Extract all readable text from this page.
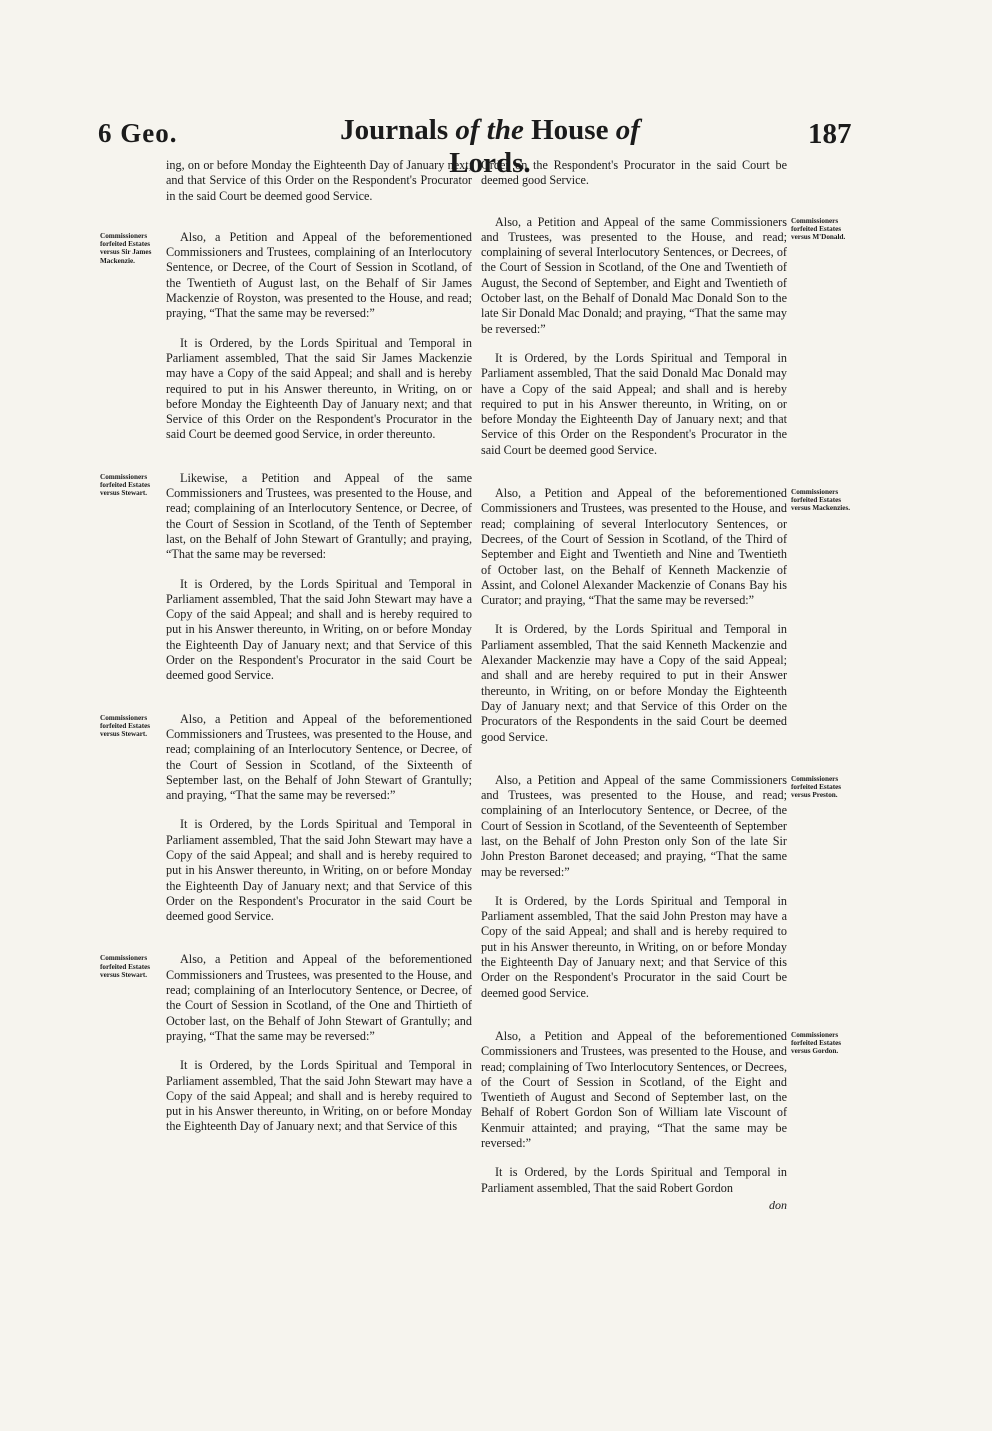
6 Geo.	Journals of the House of Lords.
187

ing, on or before Monday the Eighteenth Day of January next; and that Service of this Order on the Respondent's Procurator in the said Court be deemed good Service.

Commissioners forfeited Estates versus Sir James Mackenzie.

Also, a Petition and Appeal of the beforementioned Commissioners and Trustees, complaining of an Interlocutory Sentence, or Decree, of the Court of Session in Scotland, of the Twentieth of August last, on the Behalf of Sir James Mackenzie of Royston, was presented to the House, and read; praying, “That the same may be reversed:”

It is Ordered, by the Lords Spiritual and Temporal in Parliament assembled, That the said Sir James Mackenzie may have a Copy of the said Appeal; and shall and is hereby required to put in his Answer thereunto, in Writing, on or before Monday the Eighteenth Day of January next; and that Service of this Order on the Respondent's Procurator in the said Court be deemed good Service, in order thereunto.

Commissioners forfeited Estates versus Stewart.

Likewise, a Petition and Appeal of the same Commissioners and Trustees, was presented to the House, and read; complaining of an Interlocutory Sentence, or Decree, of the Court of Session in Scotland, of the Tenth of September last, on the Behalf of John Stewart of Grantully; and praying, “That the same may be reversed:

It is Ordered, by the Lords Spiritual and Temporal in Parliament assembled, That the said John Stewart may have a Copy of the said Appeal; and shall and is hereby required to put in his Answer thereunto, in Writing, on or before Monday the Eighteenth Day of January next; and that Service of this Order on the Respondent's Procurator in the said Court be deemed good Service.

Commissioners forfeited Estates versus Stewart.

Also, a Petition and Appeal of the beforementioned Commissioners and Trustees, was presented to the House, and read; complaining of an Interlocutory Sentence, or Decree, of the Court of Session in Scotland, of the Sixteenth of September last, on the Behalf of John Stewart of Grantully; and praying, “That the same may be reversed:”

It is Ordered, by the Lords Spiritual and Temporal in Parliament assembled, That the said John Stewart may have a Copy of the said Appeal; and shall and is hereby required to put in his Answer thereunto, in Writing, on or before Monday the Eighteenth Day of January next; and that Service of this Order on the Respondent's Procurator in the said Court be deemed good Service.

Commissioners forfeited Estates versus Stewart.

Also, a Petition and Appeal of the beforementioned Commissioners and Trustees, was presented to the House, and read; complaining of an Interlocutory Sentence, or Decree, of the Court of Session in Scotland, of the One and Thirtieth of October last, on the Behalf of John Stewart of Grantully; and praying, “That the same may be reversed:”

It is Ordered, by the Lords Spiritual and Temporal in Parliament assembled, That the said John Stewart may have a Copy of the said Appeal; and shall and is hereby required to put in his Answer thereunto, in Writing, on or before Monday the Eighteenth Day of January next; and that Service of this

Order on the Respondent's Procurator in the said Court be deemed good Service.

Commissioners forfeited Estates versus M'Donald.

Also, a Petition and Appeal of the same Commissioners and Trustees, was presented to the House, and read; complaining of several Interlocutory Sentences, or Decrees, of the Court of Session in Scotland, of the One and Twentieth of August, the Second of September, and Eight and Twentieth of October last, on the Behalf of Donald Mac Donald Son to the late Sir Donald Mac Donald; and praying, “That the same may be reversed:”

It is Ordered, by the Lords Spiritual and Temporal in Parliament assembled, That the said Donald Mac Donald may have a Copy of the said Appeal; and shall and is hereby required to put in his Answer thereunto, in Writing, on or before Monday the Eighteenth Day of January next; and that Service of this Order on the Respondent's Procurator in the said Court be deemed good Service.

Commissioners forfeited Estates versus Mackenzies.

Also, a Petition and Appeal of the beforementioned Commissioners and Trustees, was presented to the House, and read; complaining of several Interlocutory Sentences, or Decrees, of the Court of Session in Scotland, of the Third of September and Eight and Twentieth and Nine and Twentieth of October last, on the Behalf of Kenneth Mackenzie of Assint, and Colonel Alexander Mackenzie of Conans Bay his Curator; and praying, “That the same may be reversed:”

It is Ordered, by the Lords Spiritual and Temporal in Parliament assembled, That the said Kenneth Mackenzie and Alexander Mackenzie may have a Copy of the said Appeal; and shall and are hereby required to put in their Answer thereunto, in Writing, on or before Monday the Eighteenth Day of January next; and that Service of this Order on the Procurators of the Respondents in the said Court be deemed good Service.

Commissioners forfeited Estates versus Preston.

Also, a Petition and Appeal of the same Commissioners and Trustees, was presented to the House, and read; complaining of an Interlocutory Sentence, or Decree, of the Court of Session in Scotland, of the Seventeenth of September last, on the Behalf of John Preston only Son of the late Sir John Preston Baronet deceased; and praying, “That the same may be reversed:”

It is Ordered, by the Lords Spiritual and Temporal in Parliament assembled, That the said John Preston may have a Copy of the said Appeal; and shall and is hereby required to put in his Answer thereunto, in Writing, on or before Monday the Eighteenth Day of January next; and that Service of this Order on the Respondent's Procurator in the said Court be deemed good Service.

Commissioners forfeited Estates versus Gordon.

Also, a Petition and Appeal of the beforementioned Commissioners and Trustees, was presented to the House, and read; complaining of Two Interlocutory Sentences, or Decrees, of the Court of Session in Scotland, of the Eight and Twentieth of August and Second of September last, on the Behalf of Robert Gordon Son of William late Viscount of Kenmuir attainted; and praying, “That the same may be reversed:”

It is Ordered, by the Lords Spiritual and Temporal in Parliament assembled, That the said Robert Gordon

don
